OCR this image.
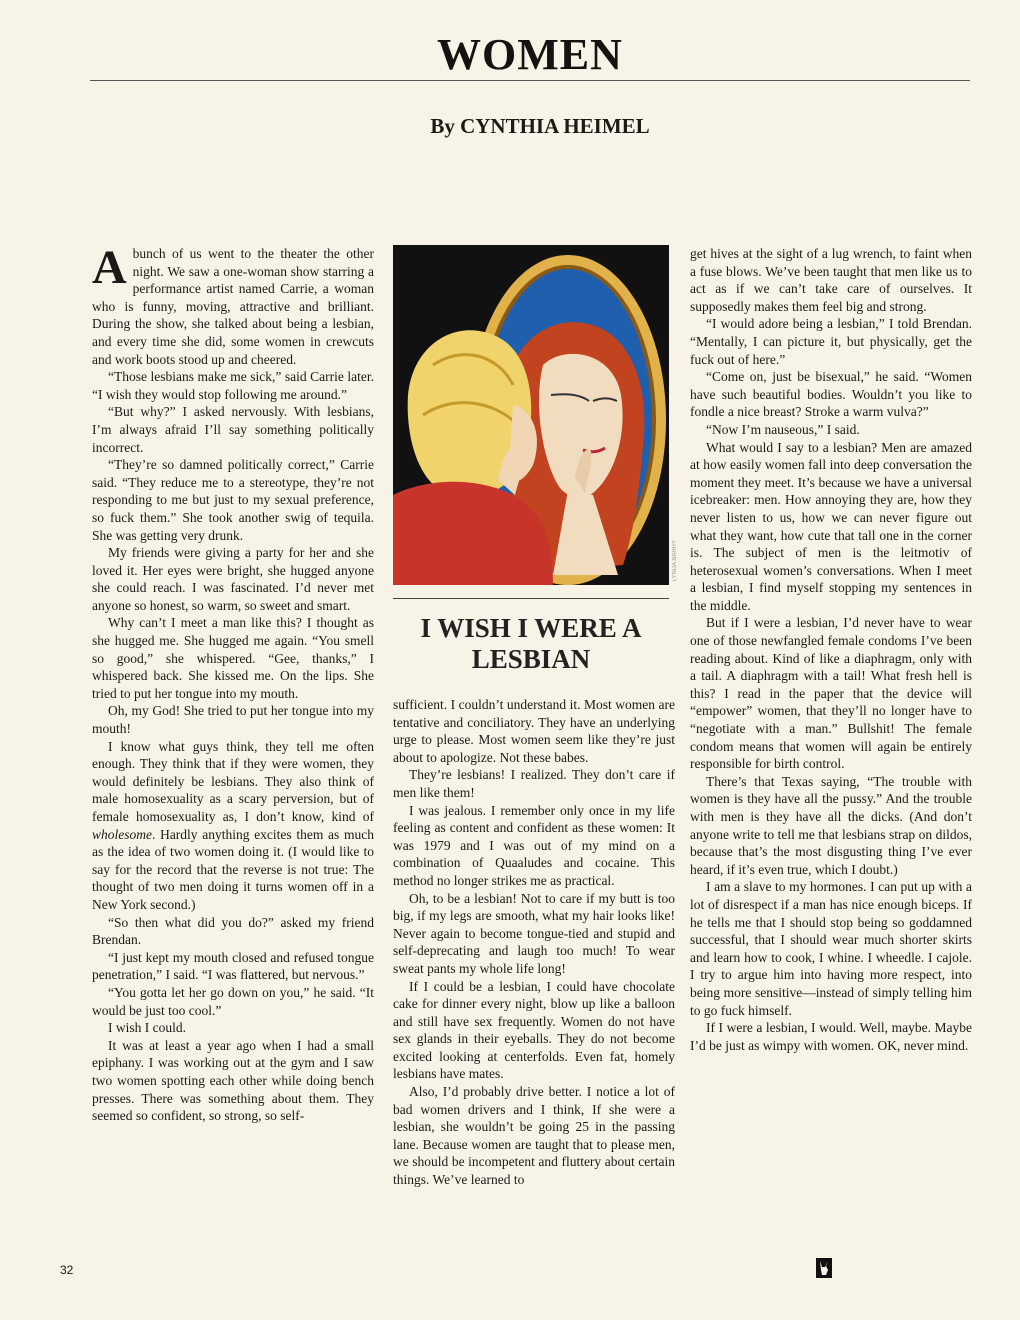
WOMEN
By CYNTHIA HEIMEL

A bunch of us went to the theater the other night. We saw a one-woman show starring a performance artist named Carrie, a woman who is funny, moving, attractive and brilliant. During the show, she talked about being a lesbian, and every time she did, some women in crewcuts and work boots stood up and cheered.

“Those lesbians make me sick,” said Carrie later. “I wish they would stop following me around.”

“But why?” I asked nervously. With lesbians, I’m always afraid I’ll say something politically incorrect.

“They’re so damned politically correct,” Carrie said. “They reduce me to a stereotype, they’re not responding to me but just to my sexual preference, so fuck them.” She took another swig of tequila. She was getting very drunk.

My friends were giving a party for her and she loved it. Her eyes were bright, she hugged anyone she could reach. I was fascinated. I’d never met anyone so honest, so warm, so sweet and smart.

Why can’t I meet a man like this? I thought as she hugged me. She hugged me again. “You smell so good,” she whispered. “Gee, thanks,” I whispered back. She kissed me. On the lips. She tried to put her tongue into my mouth.

Oh, my God! She tried to put her tongue into my mouth!

I know what guys think, they tell me often enough. They think that if they were women, they would definitely be lesbians. They also think of male homosexuality as a scary perversion, but of female homosexuality as, I don’t know, kind of wholesome. Hardly anything excites them as much as the idea of two women doing it. (I would like to say for the record that the reverse is not true: The thought of two men doing it turns women off in a New York second.)

“So then what did you do?” asked my friend Brendan.

“I just kept my mouth closed and refused tongue penetration,” I said. “I was flattered, but nervous.”

“You gotta let her go down on you,” he said. “It would be just too cool.”

I wish I could.

It was at least a year ago when I had a small epiphany. I was working out at the gym and I saw two women spotting each other while doing bench presses. There was something about them. They seemed so confident, so strong, so self-

LYNDA BARRY
I WISH I WERE A LESBIAN

sufficient. I couldn’t understand it. Most women are tentative and conciliatory. They have an underlying urge to please. Most women seem like they’re just about to apologize. Not these babes.

They’re lesbians! I realized. They don’t care if men like them!

I was jealous. I remember only once in my life feeling as content and confident as these women: It was 1979 and I was out of my mind on a combination of Quaaludes and cocaine. This method no longer strikes me as practical.

Oh, to be a lesbian! Not to care if my butt is too big, if my legs are smooth, what my hair looks like! Never again to become tongue-tied and stupid and self-deprecating and laugh too much! To wear sweat pants my whole life long!

If I could be a lesbian, I could have chocolate cake for dinner every night, blow up like a balloon and still have sex frequently. Women do not have sex glands in their eyeballs. They do not become excited looking at centerfolds. Even fat, homely lesbians have mates.

Also, I’d probably drive better. I notice a lot of bad women drivers and I think, If she were a lesbian, she wouldn’t be going 25 in the passing lane. Because women are taught that to please men, we should be incompetent and fluttery about certain things. We’ve learned to

get hives at the sight of a lug wrench, to faint when a fuse blows. We’ve been taught that men like us to act as if we can’t take care of ourselves. It supposedly makes them feel big and strong.

“I would adore being a lesbian,” I told Brendan. “Mentally, I can picture it, but physically, get the fuck out of here.”

“Come on, just be bisexual,” he said. “Women have such beautiful bodies. Wouldn’t you like to fondle a nice breast? Stroke a warm vulva?”

“Now I’m nauseous,” I said.

What would I say to a lesbian? Men are amazed at how easily women fall into deep conversation the moment they meet. It’s because we have a universal icebreaker: men. How annoying they are, how they never listen to us, how we can never figure out what they want, how cute that tall one in the corner is. The subject of men is the leitmotiv of heterosexual women’s conversations. When I meet a lesbian, I find myself stopping my sentences in the middle.

But if I were a lesbian, I’d never have to wear one of those newfangled female condoms I’ve been reading about. Kind of like a diaphragm, only with a tail. A diaphragm with a tail! What fresh hell is this? I read in the paper that the device will “empower” women, that they’ll no longer have to “negotiate with a man.” Bullshit! The female condom means that women will again be entirely responsible for birth control.

There’s that Texas saying, “The trouble with women is they have all the pussy.” And the trouble with men is they have all the dicks. (And don’t anyone write to tell me that lesbians strap on dildos, because that’s the most disgusting thing I’ve ever heard, if it’s even true, which I doubt.)

I am a slave to my hormones. I can put up with a lot of disrespect if a man has nice enough biceps. If he tells me that I should stop being so goddamned successful, that I should wear much shorter skirts and learn how to cook, I whine. I wheedle. I cajole. I try to argue him into having more respect, into being more sensitive—instead of simply telling him to go fuck himself.

If I were a lesbian, I would. Well, maybe. Maybe I’d be just as wimpy with women. OK, never mind.

32
